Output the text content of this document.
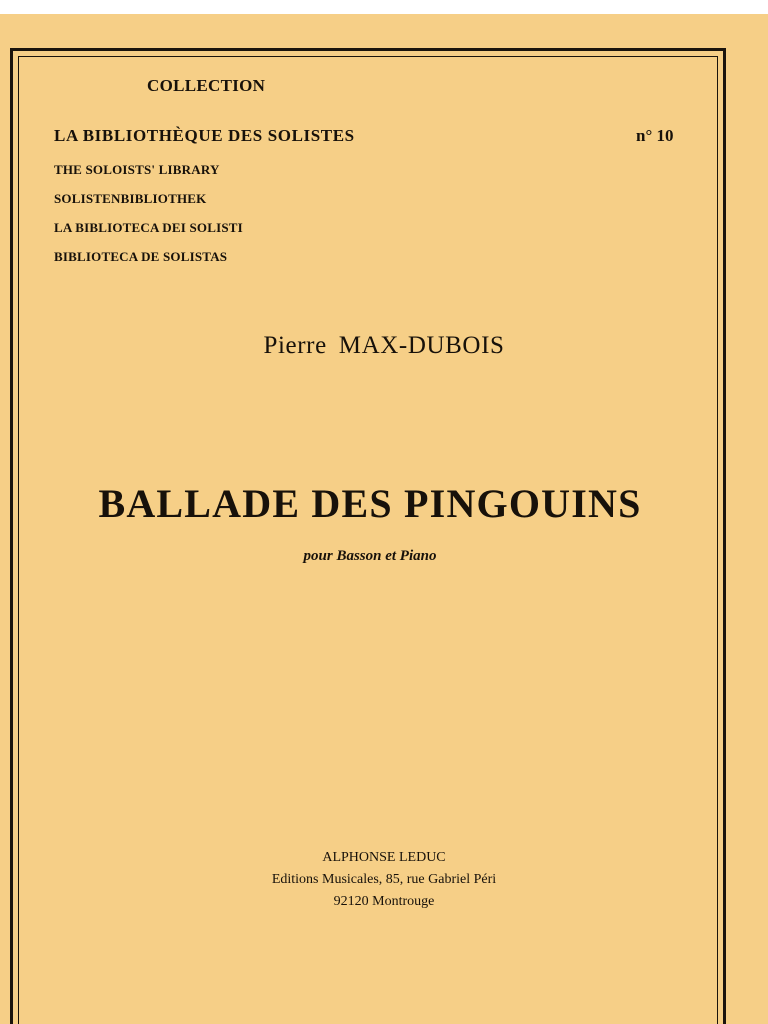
COLLECTION
LA BIBLIOTHÈQUE DES SOLISTES	n° 10
THE SOLOISTS' LIBRARY
SOLISTENBIBLIOTHEK
LA BIBLIOTECA DEI SOLISTI
BIBLIOTECA DE SOLISTAS
Pierre MAX-DUBOIS
BALLADE DES PINGOUINS
pour Basson et Piano
ALPHONSE LEDUC
Editions Musicales, 85, rue Gabriel Péri
92120 Montrouge
